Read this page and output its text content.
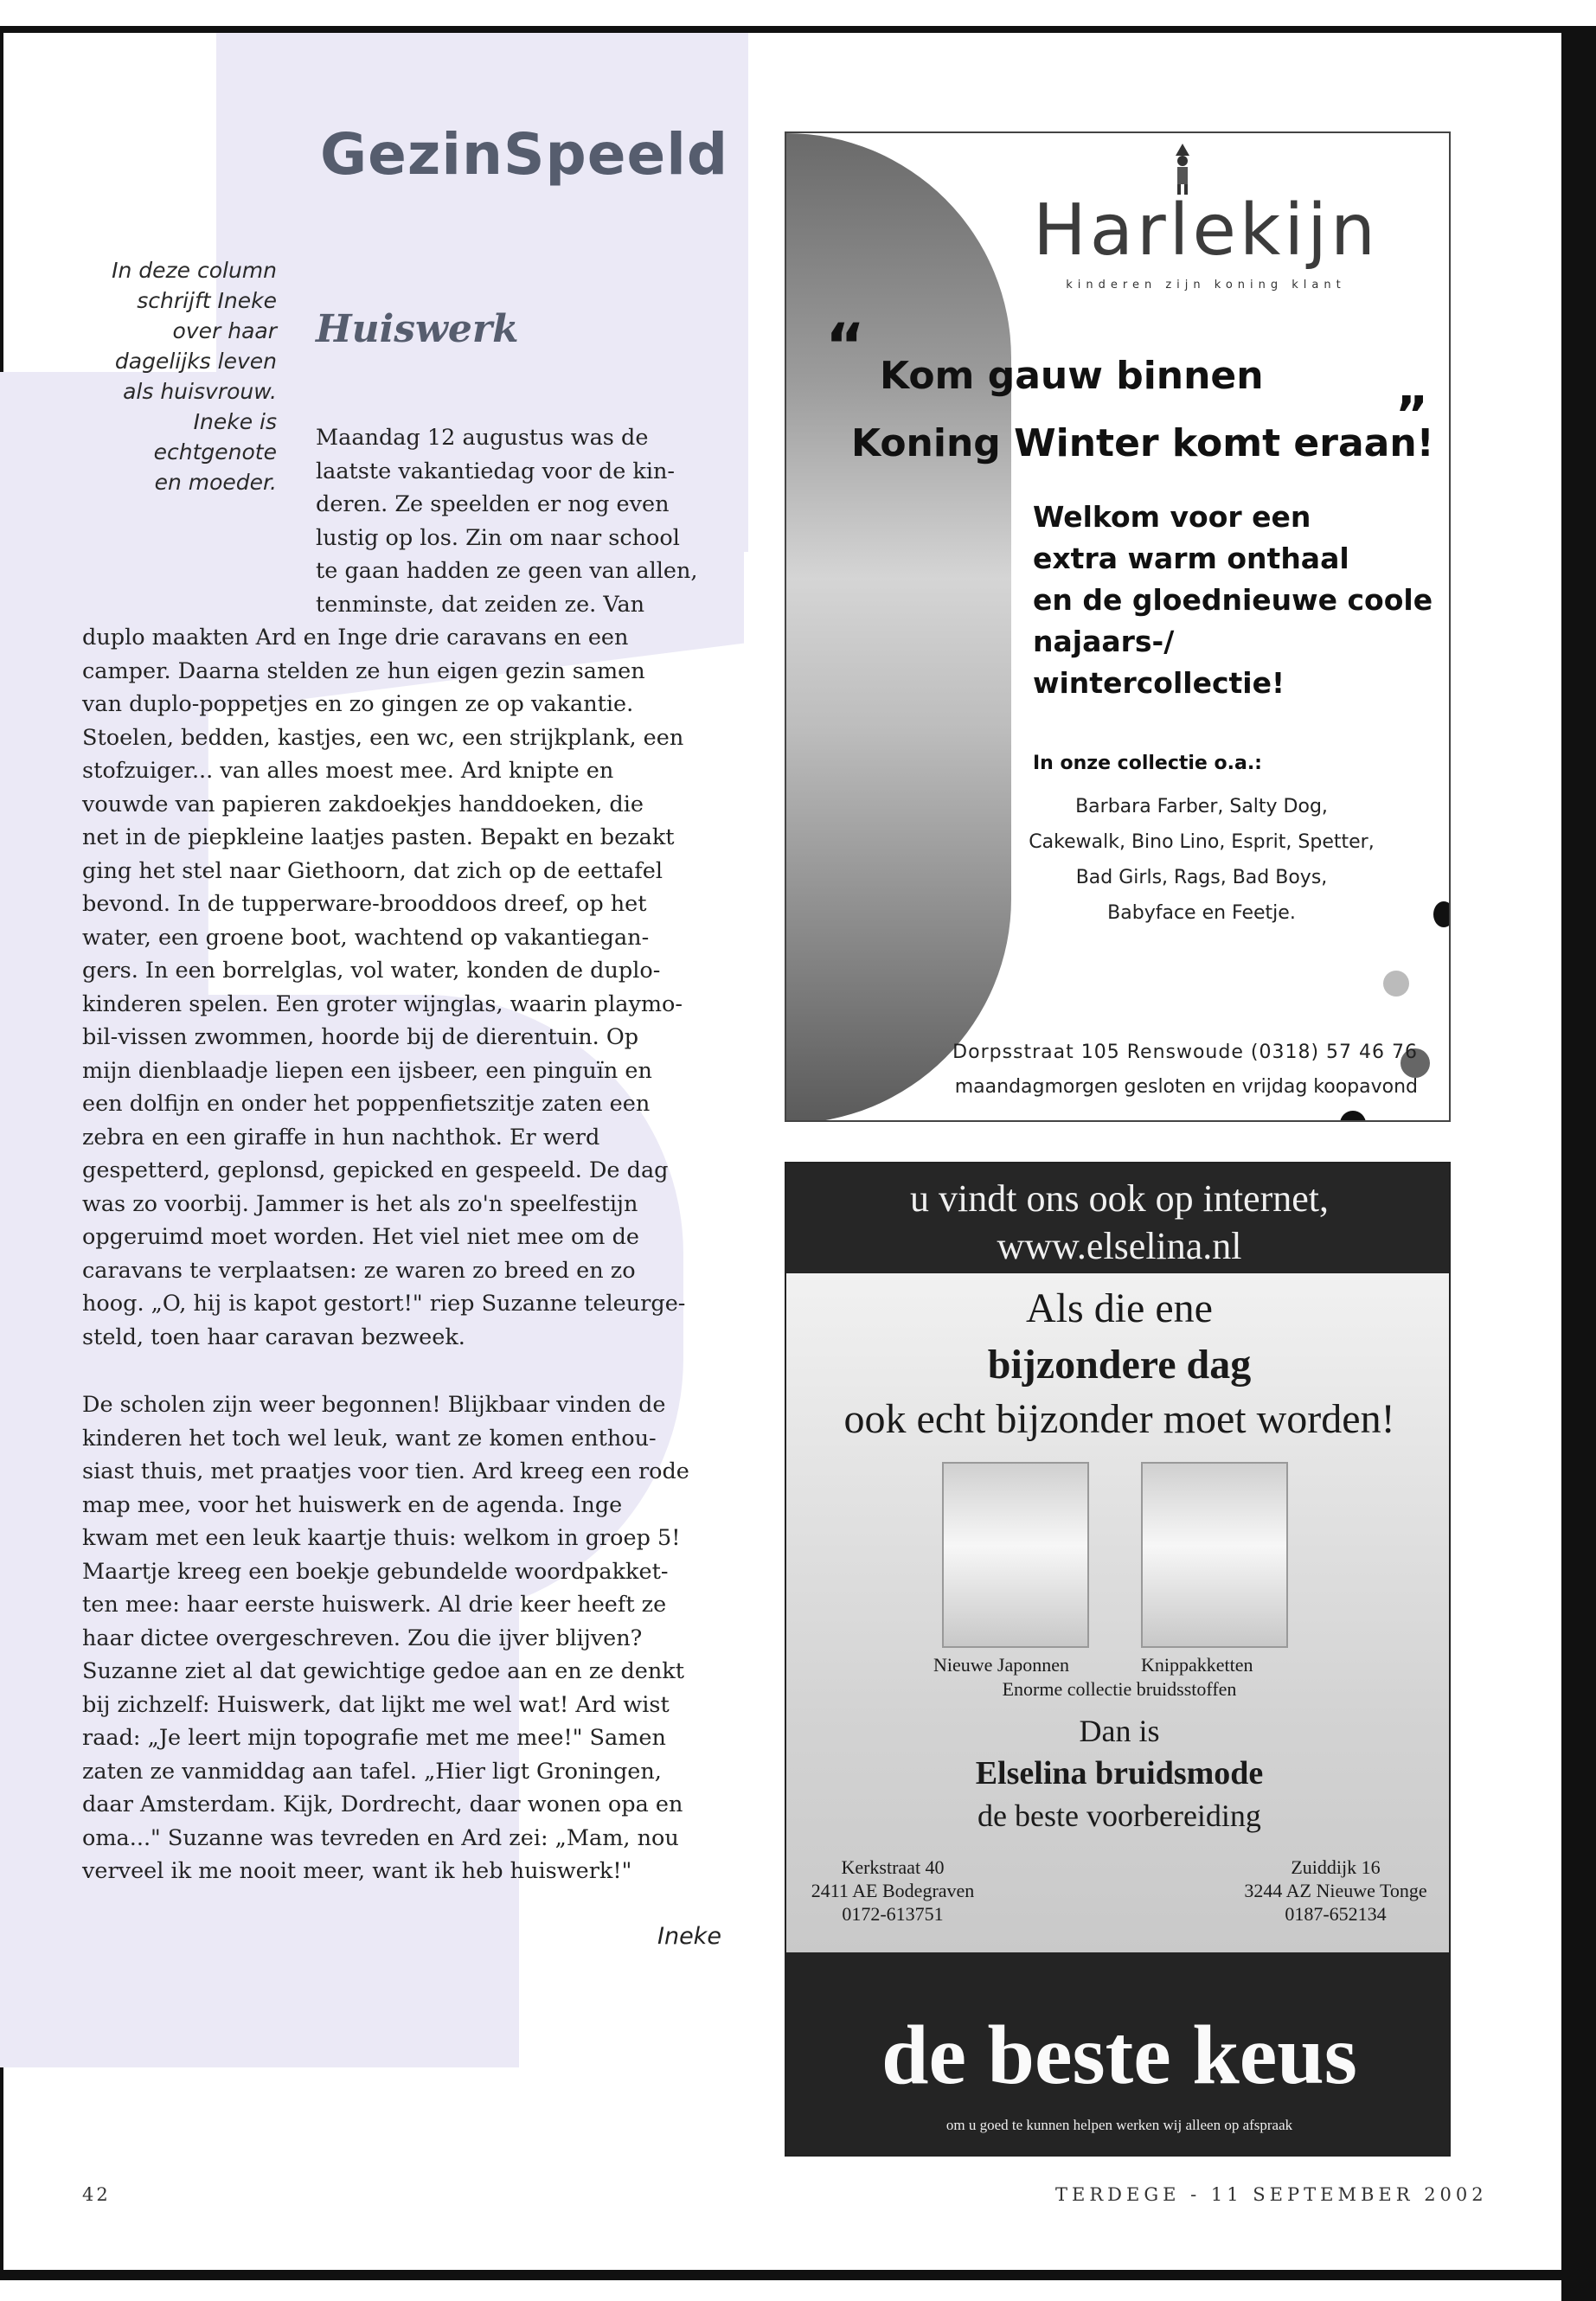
GezinSpeeld
In deze column
schrijft Ineke
over haar
dagelijks leven
als huisvrouw.
Ineke is
echtgenote
en moeder.
Huiswerk
Maandag 12 augustus was de
laatste vakantiedag voor de kin-
deren. Ze speelden er nog even
lustig op los. Zin om naar school
te gaan hadden ze geen van allen,
tenminste, dat zeiden ze. Van
duplo maakten Ard en Inge drie caravans en een
camper. Daarna stelden ze hun eigen gezin samen
van duplo-poppetjes en zo gingen ze op vakantie.
Stoelen, bedden, kastjes, een wc, een strijkplank, een
stofzuiger... van alles moest mee. Ard knipte en
vouwde van papieren zakdoekjes handdoeken, die
net in de piepkleine laatjes pasten. Bepakt en bezakt
ging het stel naar Giethoorn, dat zich op de eettafel
bevond. In de tupperware-brooddoos dreef, op het
water, een groene boot, wachtend op vakantiegan-
gers. In een borrelglas, vol water, konden de duplo-
kinderen spelen. Een groter wijnglas, waarin playmo-
bil-vissen zwommen, hoorde bij de dierentuin. Op
mijn dienblaadje liepen een ijsbeer, een pinguïn en
een dolfijn en onder het poppenfietszitje zaten een
zebra en een giraffe in hun nachthok. Er werd
gespetterd, geplonsd, gepicked en gespeeld. De dag
was zo voorbij. Jammer is het als zo'n speelfestijn
opgeruimd moet worden. Het viel niet mee om de
caravans te verplaatsen: ze waren zo breed en zo
hoog. „O, hij is kapot gestort!" riep Suzanne teleurge-
steld, toen haar caravan bezweek.
De scholen zijn weer begonnen! Blijkbaar vinden de
kinderen het toch wel leuk, want ze komen enthou-
siast thuis, met praatjes voor tien. Ard kreeg een rode
map mee, voor het huiswerk en de agenda. Inge
kwam met een leuk kaartje thuis: welkom in groep 5!
Maartje kreeg een boekje gebundelde woordpakket-
ten mee: haar eerste huiswerk. Al drie keer heeft ze
haar dictee overgeschreven. Zou die ijver blijven?
Suzanne ziet al dat gewichtige gedoe aan en ze denkt
bij zichzelf: Huiswerk, dat lijkt me wel wat! Ard wist
raad: „Je leert mijn topografie met me mee!" Samen
zaten ze vanmiddag aan tafel. „Hier ligt Groningen,
daar Amsterdam. Kijk, Dordrecht, daar wonen opa en
oma..." Suzanne was tevreden en Ard zei: „Mam, nou
verveel ik me nooit meer, want ik heb huiswerk!"
Ineke
42	TERDEGE - 11 SEPTEMBER 2002
Harlekijn
kinderen zijn koning klant
“
„
Kom gauw binnen
Koning Winter komt eraan!
Welkom voor een
extra warm onthaal
en de gloednieuwe coole
najaars-/
wintercollectie!
In onze collectie o.a.:
Barbara Farber, Salty Dog,
Cakewalk, Bino Lino, Esprit, Spetter,
Bad Girls, Rags, Bad Boys,
Babyface en Feetje.
Dorpsstraat 105 Renswoude (0318) 57 46 76
maandagmorgen gesloten en vrijdag koopavond
u vindt ons ook op internet,
www.elselina.nl
Als die ene
bijzondere dag
ook echt bijzonder moet worden!
Nieuwe Japonnen	Knippakketten
Enorme collectie bruidsstoffen
Dan is
Elselina bruidsmode
de beste voorbereiding
Kerkstraat 40
2411 AE Bodegraven
0172-613751
Zuiddijk 16
3244 AZ Nieuwe Tonge
0187-652134
de beste keus
om u goed te kunnen helpen werken wij alleen op afspraak
